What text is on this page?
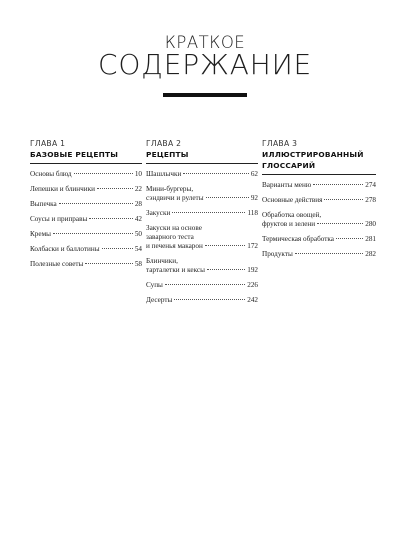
КРАТКОЕ
СОДЕРЖАНИЕ
ГЛАВА 1
БАЗОВЫЕ РЕЦЕПТЫ
Основы блюд	10
Лепешки и блинчики	22
Выпечка	28
Соусы и приправы	42
Кремы	50
Колбаски и баллотины	54
Полезные советы	58
ГЛАВА 2
РЕЦЕПТЫ
Шашлычки	62
Мини-бургеры,
сэндвичи и рулеты	92
Закуски	118
Закуски на основе
заварного теста
и печенья макарон	172
Блинчики,
тарталетки и кексы	192
Супы	226
Десерты	242
ГЛАВА 3
ИЛЛЮСТРИРОВАННЫЙ
ГЛОССАРИЙ
Варианты меню	274
Основные действия	278
Обработка овощей,
фруктов и зелени	280
Термическая обработка	281
Продукты	282
